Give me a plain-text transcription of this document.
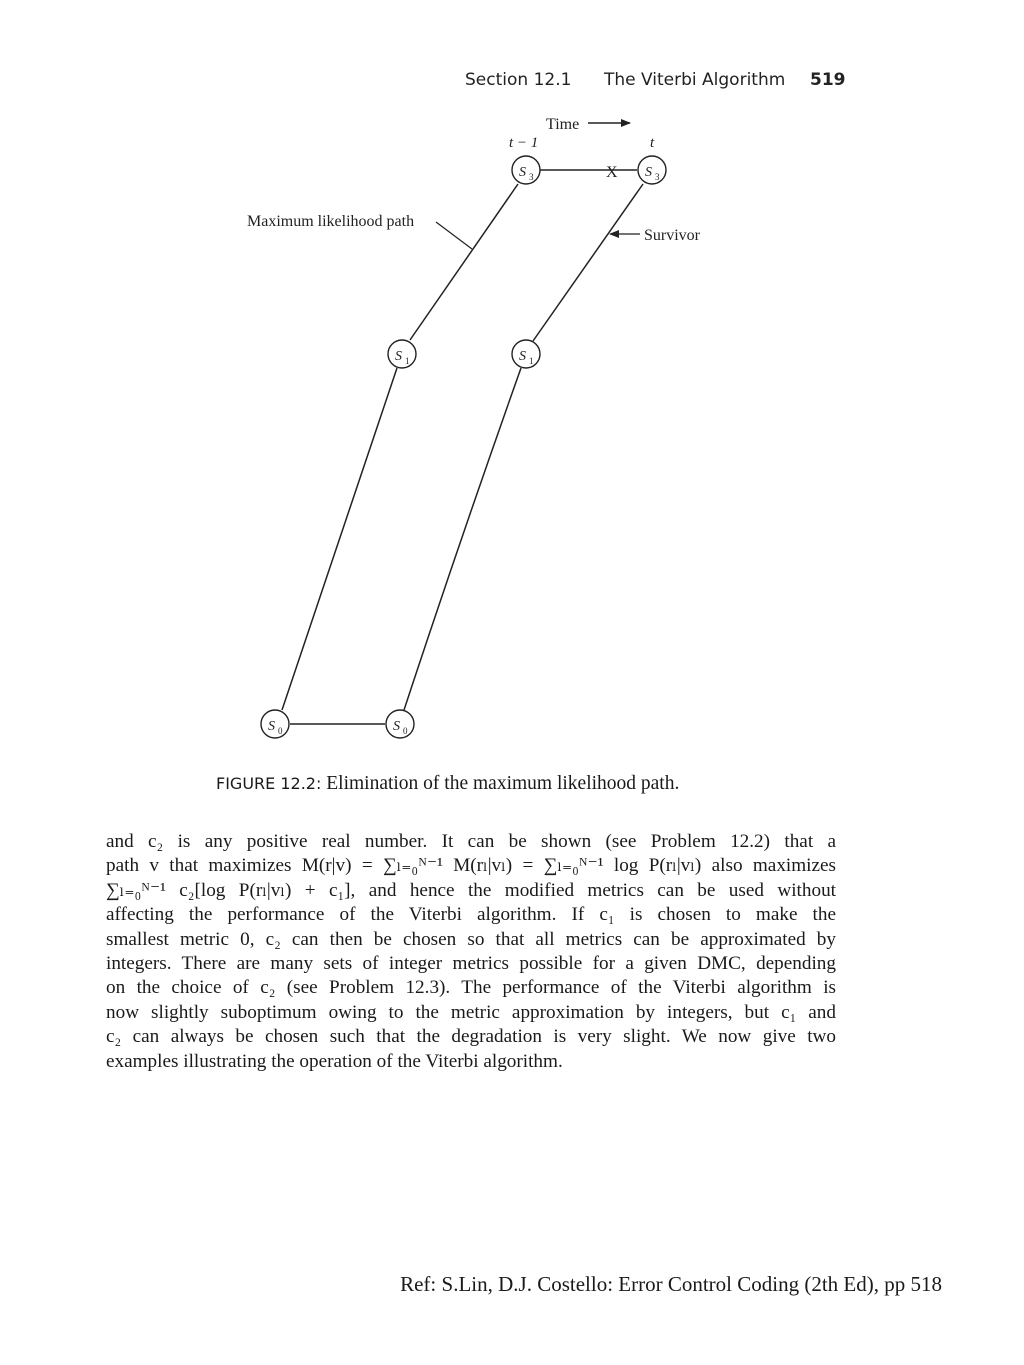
Section 12.1 The Viterbi Algorithm 519
Time
t − 1	t
X
Maximum likelihood path
Survivor
S 3	S 3
S 1	S 1
S 0	S 0
FIGURE 12.2: Elimination of the maximum likelihood path.
and c₂ is any positive real number. It can be shown (see Problem 12.2) that a
path v that maximizes M(r|v) = ∑ₗ₌₀ᴺ⁻¹ M(rₗ|vₗ) = ∑ₗ₌₀ᴺ⁻¹ log P(rₗ|vₗ) also maximizes
∑ₗ₌₀ᴺ⁻¹ c₂[log P(rₗ|vₗ) + c₁], and hence the modified metrics can be used without
affecting the performance of the Viterbi algorithm. If c₁ is chosen to make the
smallest metric 0, c₂ can then be chosen so that all metrics can be approximated by
integers. There are many sets of integer metrics possible for a given DMC, depending
on the choice of c₂ (see Problem 12.3). The performance of the Viterbi algorithm is
now slightly suboptimum owing to the metric approximation by integers, but c₁ and
c₂ can always be chosen such that the degradation is very slight. We now give two
examples illustrating the operation of the Viterbi algorithm.
Ref: S.Lin, D.J. Costello: Error Control Coding (2th Ed), pp 518
